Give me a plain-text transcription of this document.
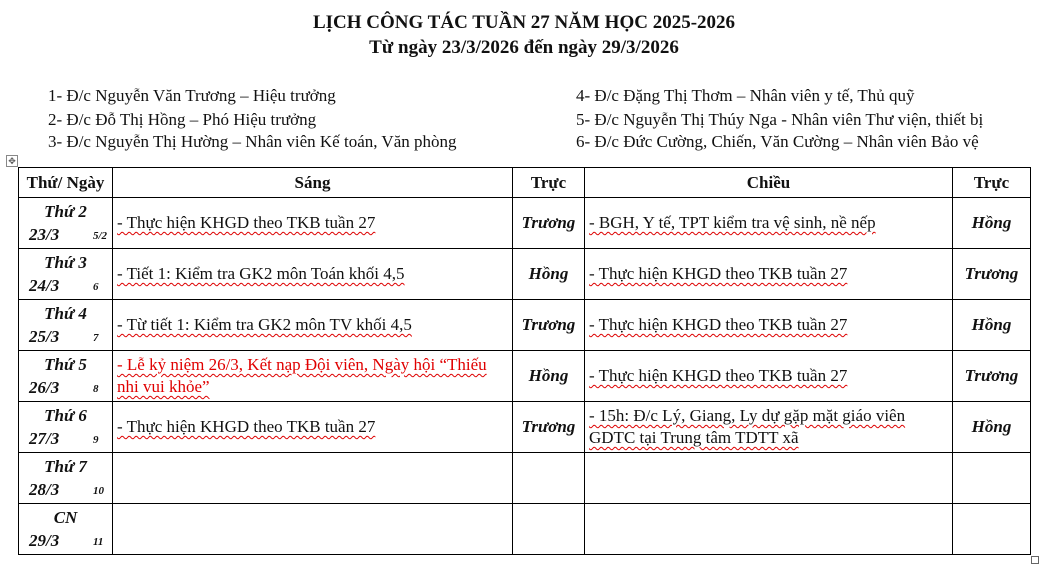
LỊCH CÔNG TÁC TUẦN 27 NĂM HỌC 2025-2026
Từ ngày 23/3/2026 đến ngày 29/3/2026
1- Đ/c Nguyễn Văn Trương – Hiệu trưởng
2- Đ/c Đỗ Thị Hồng – Phó Hiệu trưởng
3- Đ/c Nguyễn Thị Hường – Nhân viên Kế toán, Văn phòng
4- Đ/c Đặng Thị Thơm – Nhân viên y tế, Thủ quỹ
5- Đ/c Nguyễn Thị Thúy Nga - Nhân viên Thư viện, thiết bị
6- Đ/c Đức Cường, Chiến, Văn Cường – Nhân viên Bảo vệ
✥
Thứ/ Ngày	Sáng	Trực	Chiều	Trực

Thứ 2
23/3 5/2	- Thực hiện KHGD theo TKB tuần 27	Trương	- BGH, Y tế, TPT kiểm tra vệ sinh, nề nếp	Hồng

Thứ 3
24/3 6	- Tiết 1: Kiểm tra GK2 môn Toán khối 4,5	Hồng	- Thực hiện KHGD theo TKB tuần 27	Trương

Thứ 4
25/3 7	- Từ tiết 1: Kiểm tra GK2 môn TV khối 4,5	Trương	- Thực hiện KHGD theo TKB tuần 27	Hồng

Thứ 5
26/3 8	- Lễ kỷ niệm 26/3, Kết nạp Đội viên, Ngày hội “Thiếu nhi vui khỏe”	Hồng	- Thực hiện KHGD theo TKB tuần 27	Trương

Thứ 6
27/3 9	- Thực hiện KHGD theo TKB tuần 27	Trương	- 15h: Đ/c Lý, Giang, Ly dự gặp mặt giáo viên GDTC tại Trung tâm TDTT xã	Hồng

Thứ 7
28/3 10				

CN
29/3 11				
